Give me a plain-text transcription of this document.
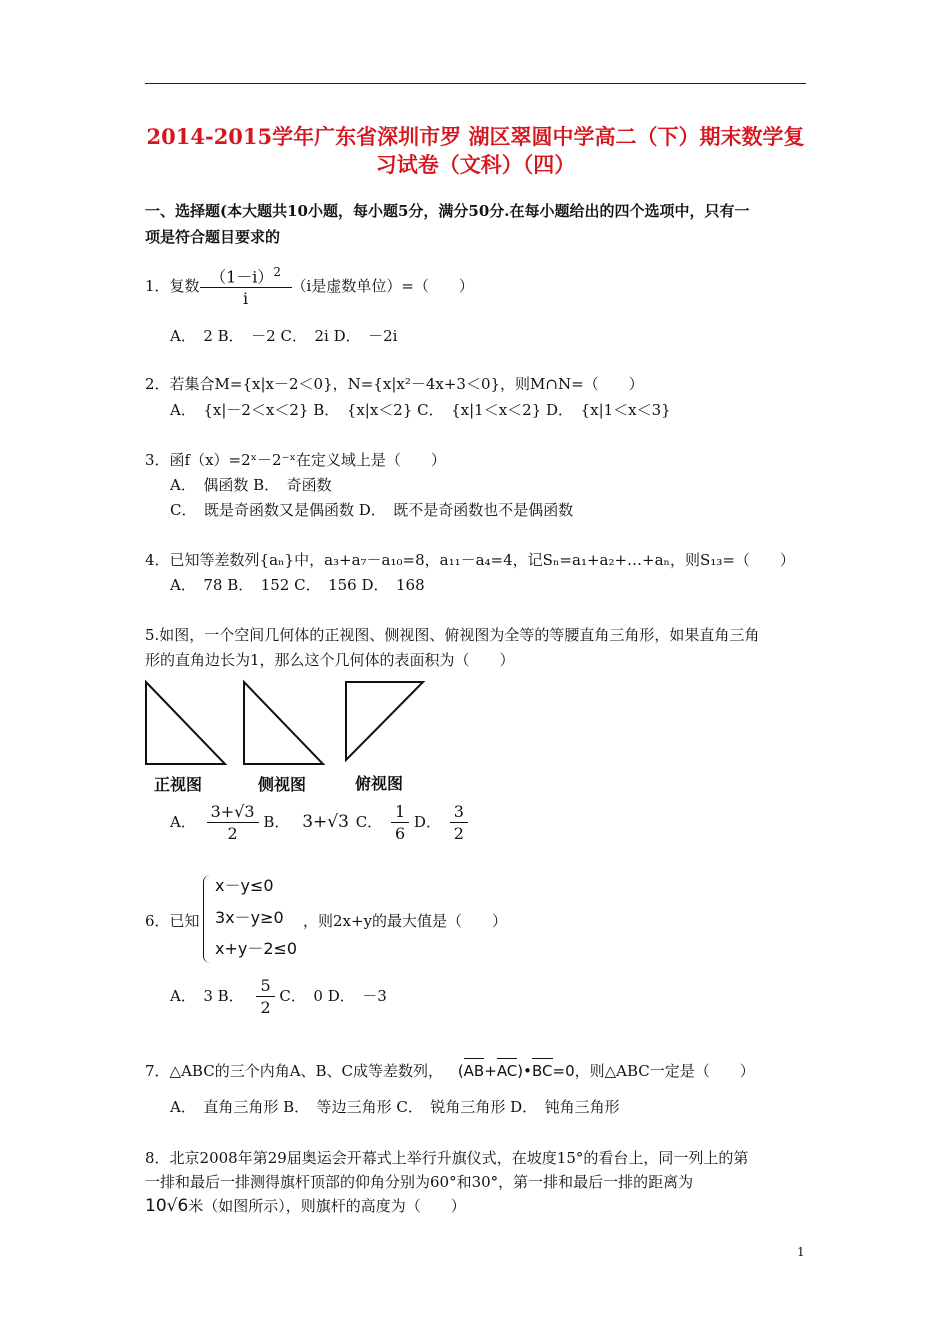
2014-2015学年广东省深圳市罗 湖区翠圆中学高二（下）期末数学复
习试卷（文科）（四）
一、选择题(本大题共10小题，每小题5分，满分50分.在每小题给出的四个选项中，只有一
项是符合题目要求的
1．复数 $\frac{(1-i)^2}{i} (i$是虚数单位）=（　　）
A．　2 B．　－2 C．　2i D．　－2i
2．若集合M={x|x－2＜0}，N={x|x²－4x+3＜0}，则M∩N=（　　）
A．　{x|－2＜x＜2} B．　{x|x＜2} C．　{x|1＜x＜2} D．　{x|1＜x＜3}
3．函f（x）=2ˣ－2⁻ˣ在定义域上是（　　）
A．　偶函数 B．　奇函数
C．　既是奇函数又是偶函数 D．　既不是奇函数也不是偶函数
4．已知等差数列{aₙ}中，a₃+a₇－a₁₀=8，a₁₁－a₄=4，记Sₙ=a₁+a₂+…+aₙ，则S₁₃=（　　）
A．　78 B．　152 C．　156 D．　168
5.如图，一个空间几何体的正视图、侧视图、俯视图为全等的等腰直角三角形，如果直角三角
形的直角边长为1，那么这个几何体的表面积为（　　）
正视图	侧视图	俯视图
A． $\frac{3+√3}{2}$ B． 3+√3 C． $\frac{1}{6}$ D． $\frac{3}{2}$
6．已知
x－y≤0
3x－y≥0
x+y－2≤0
，则2x+y的最大值是（　　）
A．　3 B． $\frac{5}{2}$ C．　0 D．　－3
7．△ABC的三个内角A、B、C成等差数列， (AB+AC)•BC=0，则△ABC一定是（　　）
A．　直角三角形 B．　等边三角形 C．　锐角三角形 D．　钝角三角形
8．北京2008年第29届奥运会开幕式上举行升旗仪式，在坡度15°的看台上，同一列上的第
一排和最后一排测得旗杆顶部的仰角分别为60°和30°，第一排和最后一排的距离为
10√6米（如图所示），则旗杆的高度为（　　）
1
